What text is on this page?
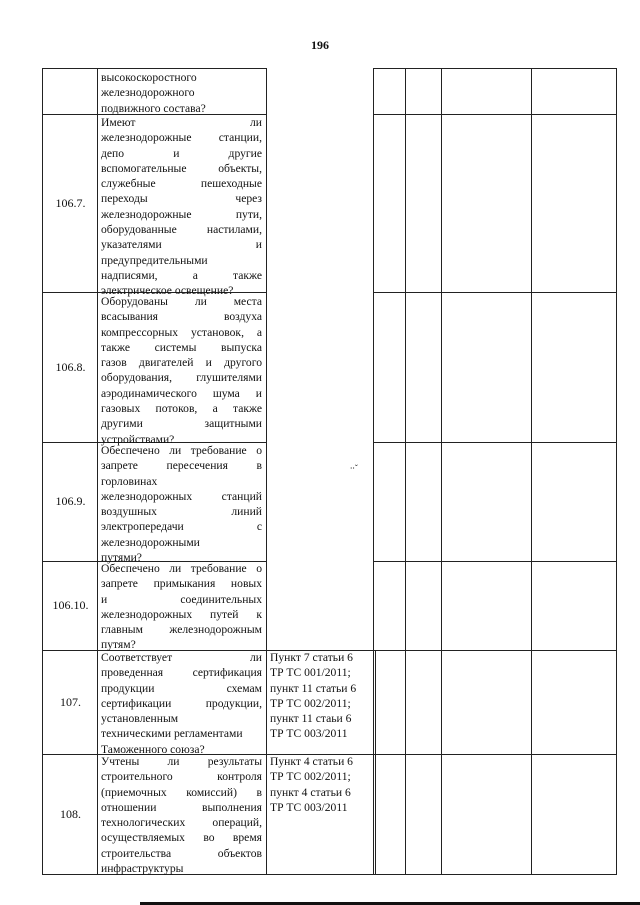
196
высокоскоростного
железнодорожного
подвижного состава?
106.7.
Имеют ли
железнодорожные станции,
депо и другие
вспомогательные объекты,
служебные пешеходные
переходы через
железнодорожные пути,
оборудованные настилами,
указателями и
предупредительными
надписями, а также
электрическое освещение?
106.8.
Оборудованы ли места
всасывания воздуха
компрессорных установок, а
также системы выпуска
газов двигателей и другого
оборудования, глушителями
аэродинамического шума и
газовых потоков, а также
другими защитными
устройствами?
106.9.
Обеспечено ли требование о
запрете пересечения в
горловинах
железнодорожных станций
воздушных линий
электропередачи с
железнодорожными
путями?
106.10.
Обеспечено ли требование о
запрете примыкания новых
и соединительных
железнодорожных путей к
главным железнодорожным
путям?
107.
Соответствует ли
проведенная сертификация
продукции схемам
сертификации продукции,
установленным
техническими регламентами
Таможенного союза?
Пункт 7 статьи 6
ТР ТС 001/2011;
пункт 11 статьи 6
ТР ТС 002/2011;
пункт 11 стаьи 6
ТР ТС 003/2011
108.
Учтены ли результаты
строительного контроля
(приемочных комиссий) в
отношении выполнения
технологических операций,
осуществляемых во время
строительства объектов
инфраструктуры
Пункт 4 статьи 6
ТР ТС 002/2011;
пункт 4 статьи 6
ТР ТС 003/2011
⸱⸱ˇ
